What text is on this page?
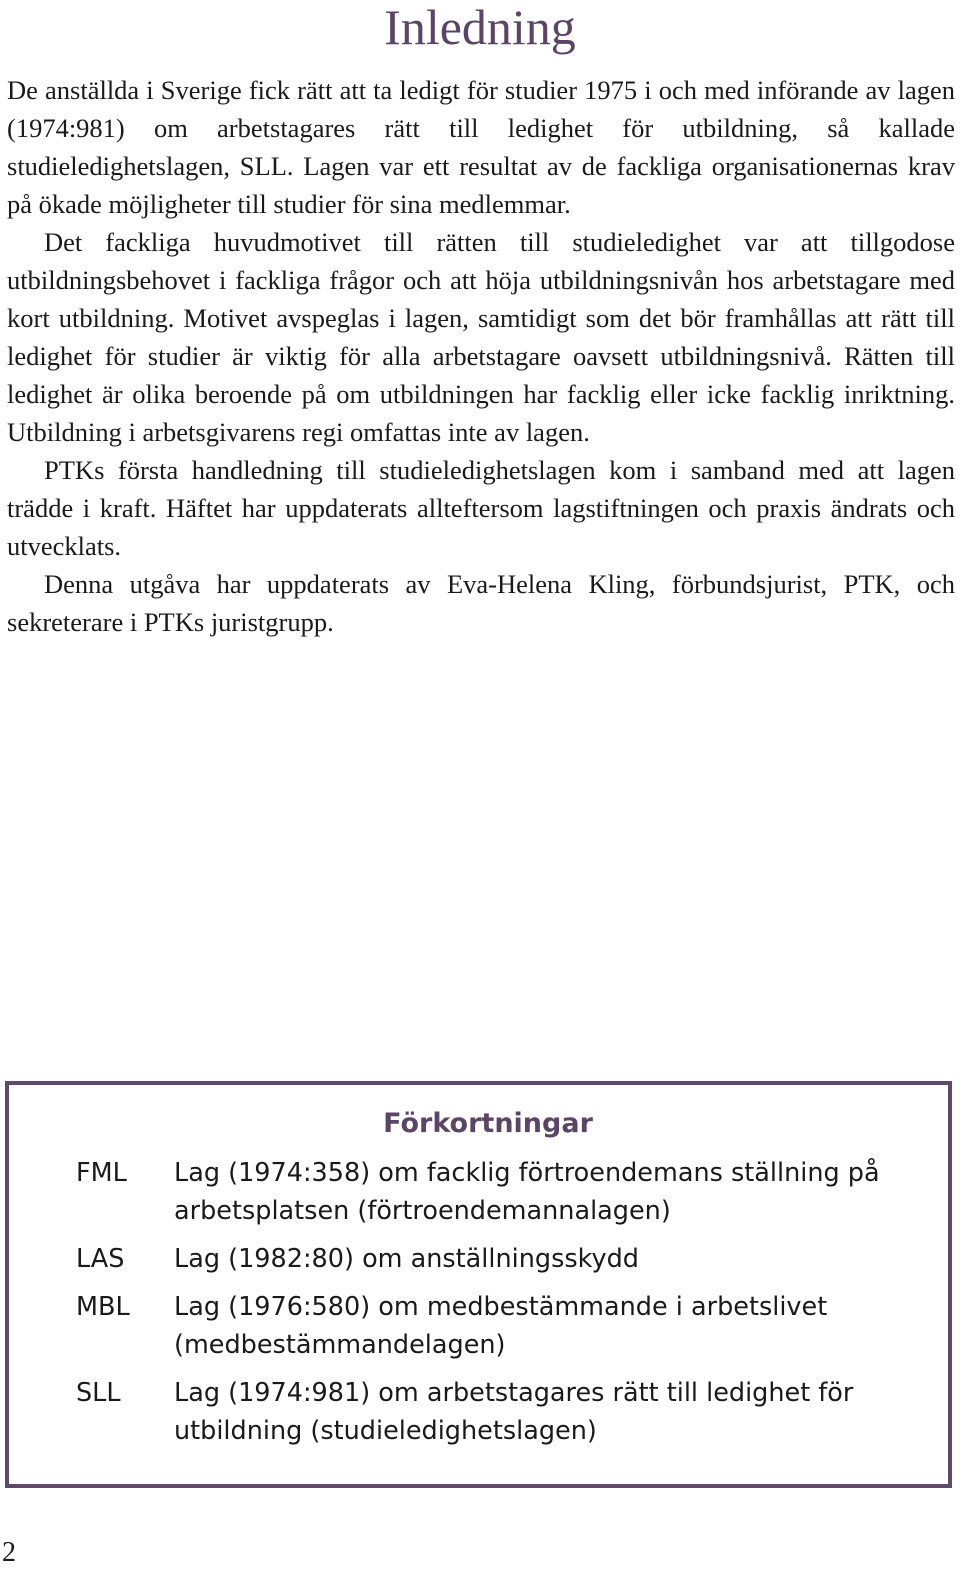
Inledning

De anställda i Sverige fick rätt att ta ledigt för studier 1975 i och med införande av lagen (1974:981) om arbetstagares rätt till ledighet för utbildning, så kallade studieledighetslagen, SLL. Lagen var ett resultat av de fackliga organisationernas krav på ökade möjligheter till studier för sina medlemmar.

Det fackliga huvudmotivet till rätten till studieledighet var att tillgodose utbildningsbehovet i fackliga frågor och att höja utbildningsnivån hos arbetstagare med kort utbildning. Motivet avspeglas i lagen, samtidigt som det bör framhållas att rätt till ledighet för studier är viktig för alla arbetstagare oavsett utbildningsnivå. Rätten till ledighet är olika beroende på om utbildningen har facklig eller icke facklig inriktning. Utbildning i arbetsgivarens regi omfattas inte av lagen.

PTKs första handledning till studieledighetslagen kom i samband med att lagen trädde i kraft. Häftet har uppdaterats allteftersom lagstiftningen och praxis ändrats och utvecklats.

Denna utgåva har uppdaterats av Eva-Helena Kling, förbundsjurist, PTK, och sekreterare i PTKs juristgrupp.

Förkortningar
FML	Lag (1974:358) om facklig förtroendemans ställning på arbetsplatsen (förtroendemannalagen)
LAS	Lag (1982:80) om anställningsskydd
MBL	Lag (1976:580) om medbestämmande i arbetslivet (medbestämmandelagen)
SLL	Lag (1974:981) om arbetstagares rätt till ledighet för utbildning (studieledighetslagen)
2
